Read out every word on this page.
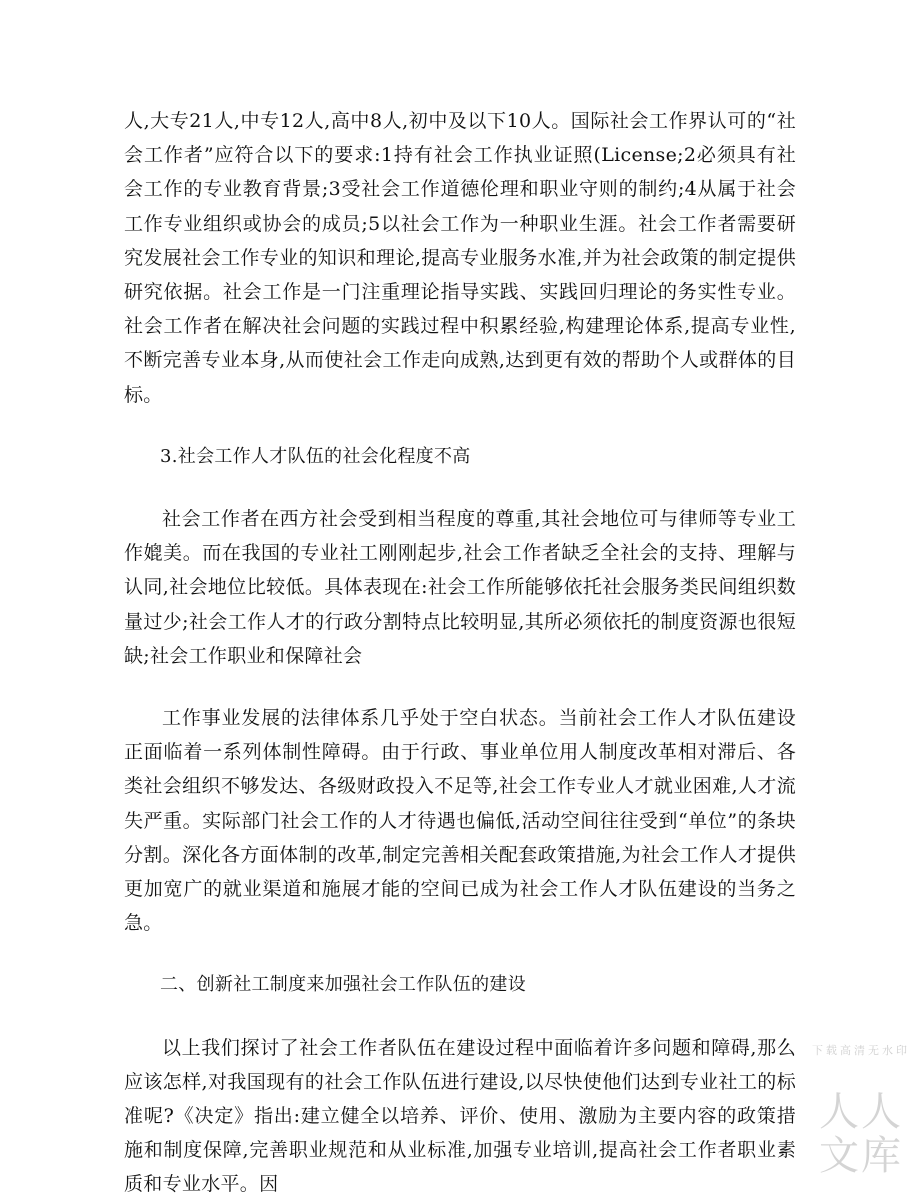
人,大专21人,中专12人,高中8人,初中及以下10人。国际社会工作界认可的“社会工作者”应符合以下的要求:1持有社会工作执业证照(License;2必须具有社会工作的专业教育背景;3受社会工作道德伦理和职业守则的制约;4从属于社会工作专业组织或协会的成员;5以社会工作为一种职业生涯。社会工作者需要研究发展社会工作专业的知识和理论,提高专业服务水准,并为社会政策的制定提供研究依据。社会工作是一门注重理论指导实践、实践回归理论的务实性专业。社会工作者在解决社会问题的实践过程中积累经验,构建理论体系,提高专业性,不断完善专业本身,从而使社会工作走向成熟,达到更有效的帮助个人或群体的目标。

3.社会工作人才队伍的社会化程度不高

社会工作者在西方社会受到相当程度的尊重,其社会地位可与律师等专业工作媲美。而在我国的专业社工刚刚起步,社会工作者缺乏全社会的支持、理解与认同,社会地位比较低。具体表现在:社会工作所能够依托社会服务类民间组织数量过少;社会工作人才的行政分割特点比较明显,其所必须依托的制度资源也很短缺;社会工作职业和保障社会

工作事业发展的法律体系几乎处于空白状态。当前社会工作人才队伍建设正面临着一系列体制性障碍。由于行政、事业单位用人制度改革相对滞后、各类社会组织不够发达、各级财政投入不足等,社会工作专业人才就业困难,人才流失严重。实际部门社会工作的人才待遇也偏低,活动空间往往受到“单位”的条块分割。深化各方面体制的改革,制定完善相关配套政策措施,为社会工作人才提供更加宽广的就业渠道和施展才能的空间已成为社会工作人才队伍建设的当务之急。

二、创新社工制度来加强社会工作队伍的建设

以上我们探讨了社会工作者队伍在建设过程中面临着许多问题和障碍,那么应该怎样,对我国现有的社会工作队伍进行建设,以尽快使他们达到专业社工的标准呢?《决定》指出:建立健全以培养、评价、使用、激励为主要内容的政策措施和制度保障,完善职业规范和从业标准,加强专业培训,提高社会工作者职业素质和专业水平。因

人人文库
下载高清无水印
